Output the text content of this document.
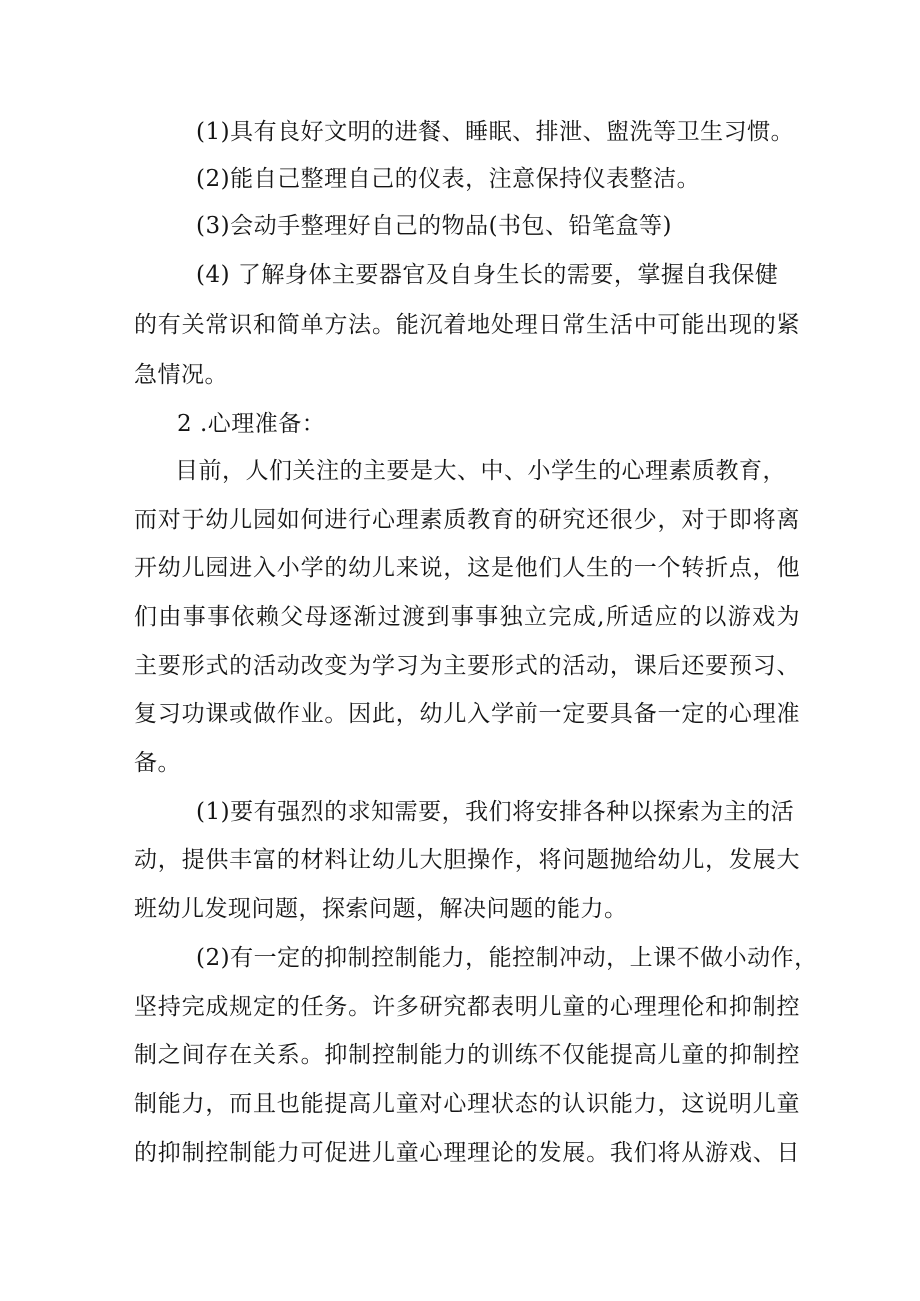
(1)具有良好文明的进餐、睡眠、排泄、盥洗等卫生习惯。
(2)能自己整理自己的仪表，注意保持仪表整洁。
(3)会动手整理好自己的物品(书包、铅笔盒等)
(4) 了解身体主要器官及自身生长的需要，掌握自我保健
的有关常识和简单方法。能沉着地处理日常生活中可能出现的紧
急情况。
2 .心理准备：
目前，人们关注的主要是大、中、小学生的心理素质教育，
而对于幼儿园如何进行心理素质教育的研究还很少，对于即将离
开幼儿园进入小学的幼儿来说，这是他们人生的一个转折点，他
们由事事依赖父母逐渐过渡到事事独立完成,所适应的以游戏为
主要形式的活动改变为学习为主要形式的活动，课后还要预习、
复习功课或做作业。因此，幼儿入学前一定要具备一定的心理准
备。
(1)要有强烈的求知需要，我们将安排各种以探索为主的活
动，提供丰富的材料让幼儿大胆操作，将问题抛给幼儿，发展大
班幼儿发现问题，探索问题，解决问题的能力。
(2)有一定的抑制控制能力，能控制冲动，上课不做小动作，
坚持完成规定的任务。许多研究都表明儿童的心理理伦和抑制控
制之间存在关系。抑制控制能力的训练不仅能提高儿童的抑制控
制能力，而且也能提高儿童对心理状态的认识能力，这说明儿童
的抑制控制能力可促进儿童心理理论的发展。我们将从游戏、日
